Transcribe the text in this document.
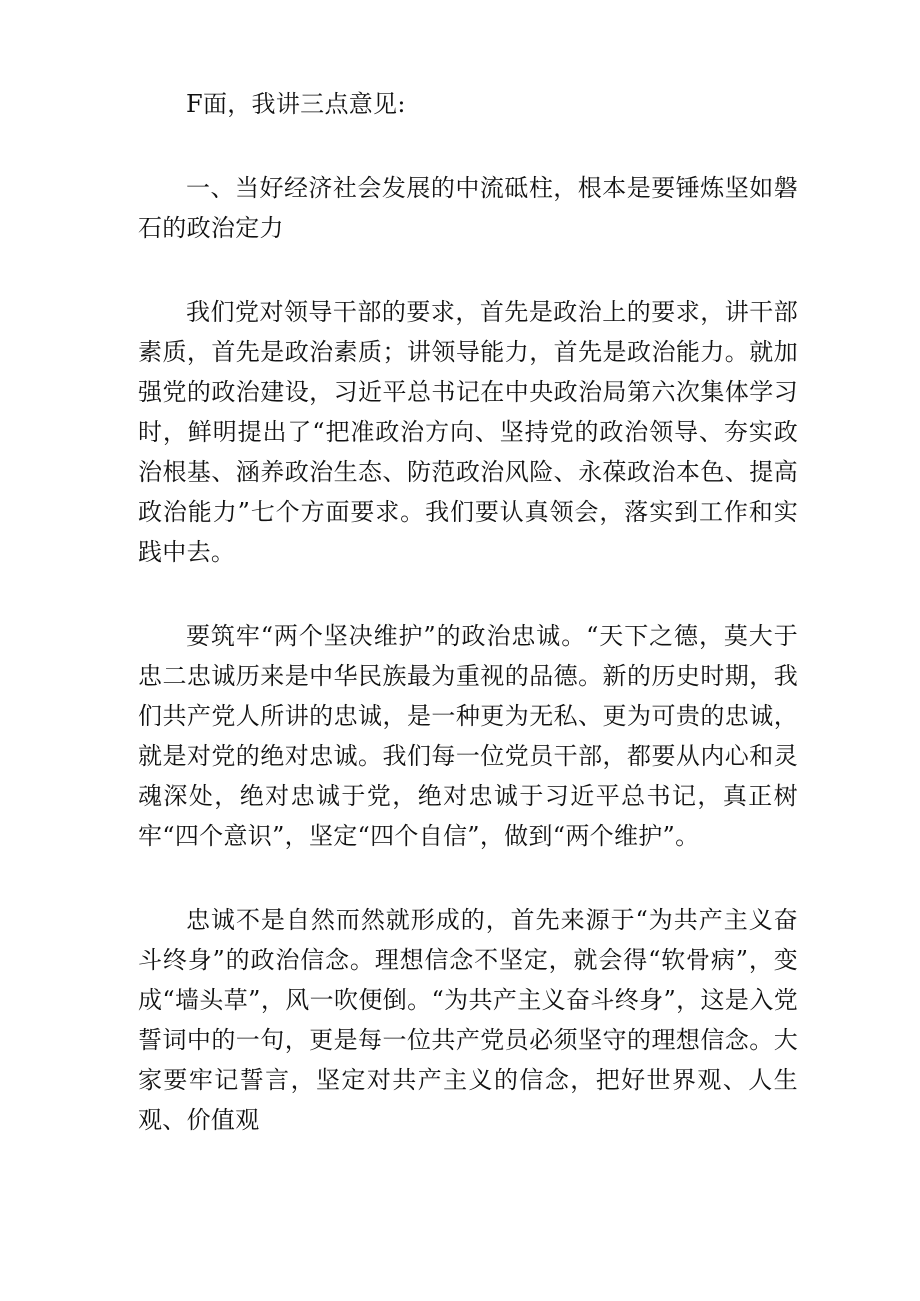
F面，我讲三点意见:

一、当好经济社会发展的中流砥柱，根本是要锤炼坚如磐石的政治定力

我们党对领导干部的要求，首先是政治上的要求，讲干部素质，首先是政治素质；讲领导能力，首先是政治能力。就加强党的政治建设，习近平总书记在中央政治局第六次集体学习时，鲜明提出了“把准政治方向、坚持党的政治领导、夯实政治根基、涵养政治生态、防范政治风险、永葆政治本色、提高政治能力”七个方面要求。我们要认真领会，落实到工作和实践中去。

要筑牢“两个坚决维护”的政治忠诚。“天下之德，莫大于忠二忠诚历来是中华民族最为重视的品德。新的历史时期，我们共产党人所讲的忠诚，是一种更为无私、更为可贵的忠诚，就是对党的绝对忠诚。我们每一位党员干部，都要从内心和灵魂深处，绝对忠诚于党，绝对忠诚于习近平总书记，真正树牢“四个意识”，坚定“四个自信”，做到“两个维护”。

忠诚不是自然而然就形成的，首先来源于“为共产主义奋斗终身”的政治信念。理想信念不坚定，就会得“软骨病”，变成“墙头草”，风一吹便倒。“为共产主义奋斗终身”，这是入党誓词中的一句，更是每一位共产党员必须坚守的理想信念。大家要牢记誓言，坚定对共产主义的信念，把好世界观、人生观、价值观
